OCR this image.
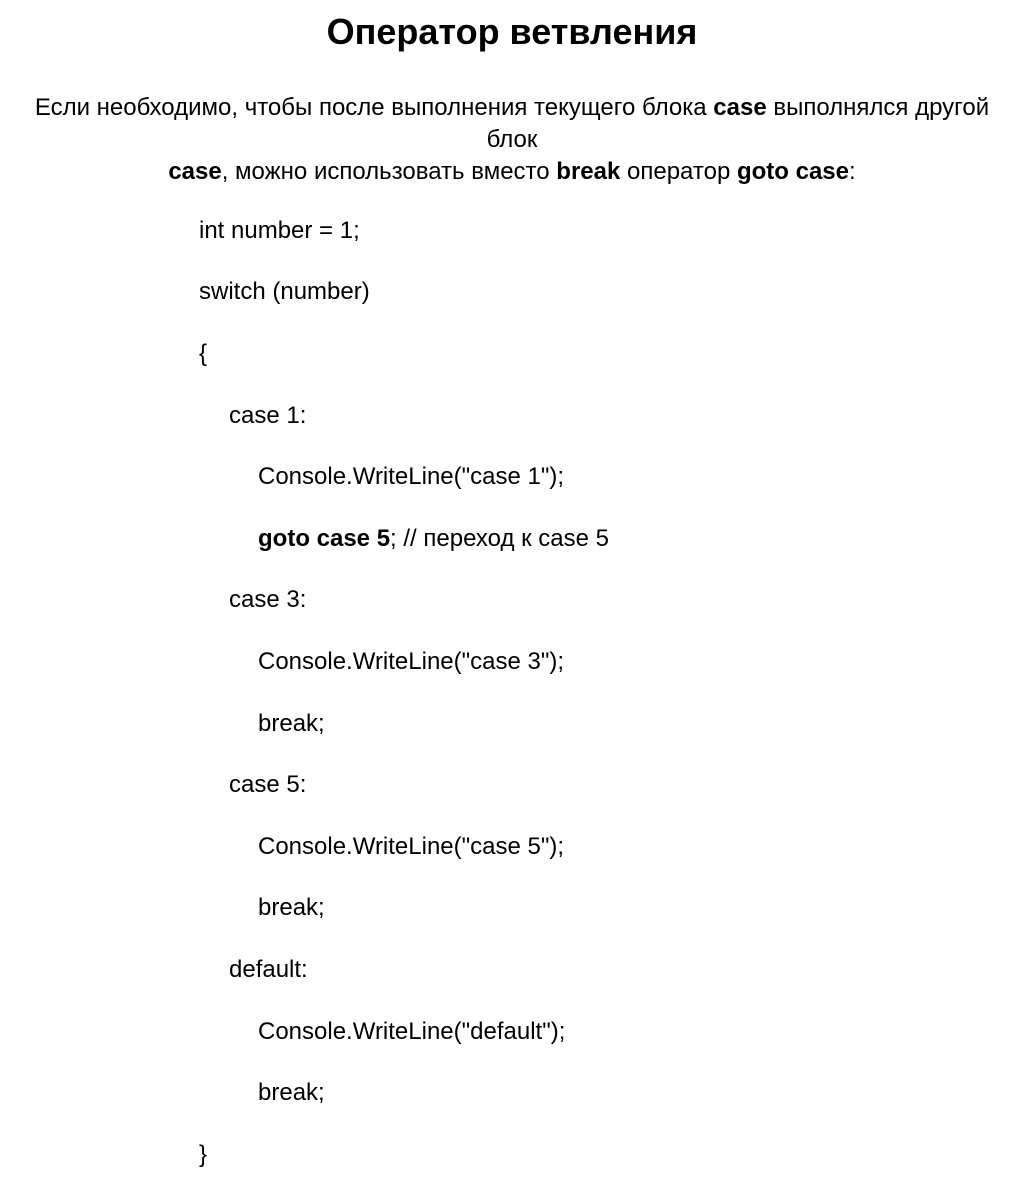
Оператор ветвления
Если необходимо, чтобы после выполнения текущего блока case выполнялся другой блок
case, можно использовать вместо break оператор goto case:

int number = 1;

switch (number)

{

case 1:

Console.WriteLine("case 1");

goto case 5; // переход к case 5

case 3:

Console.WriteLine("case 3");

break;

case 5:

Console.WriteLine("case 5");

break;

default:

Console.WriteLine("default");

break;

}
